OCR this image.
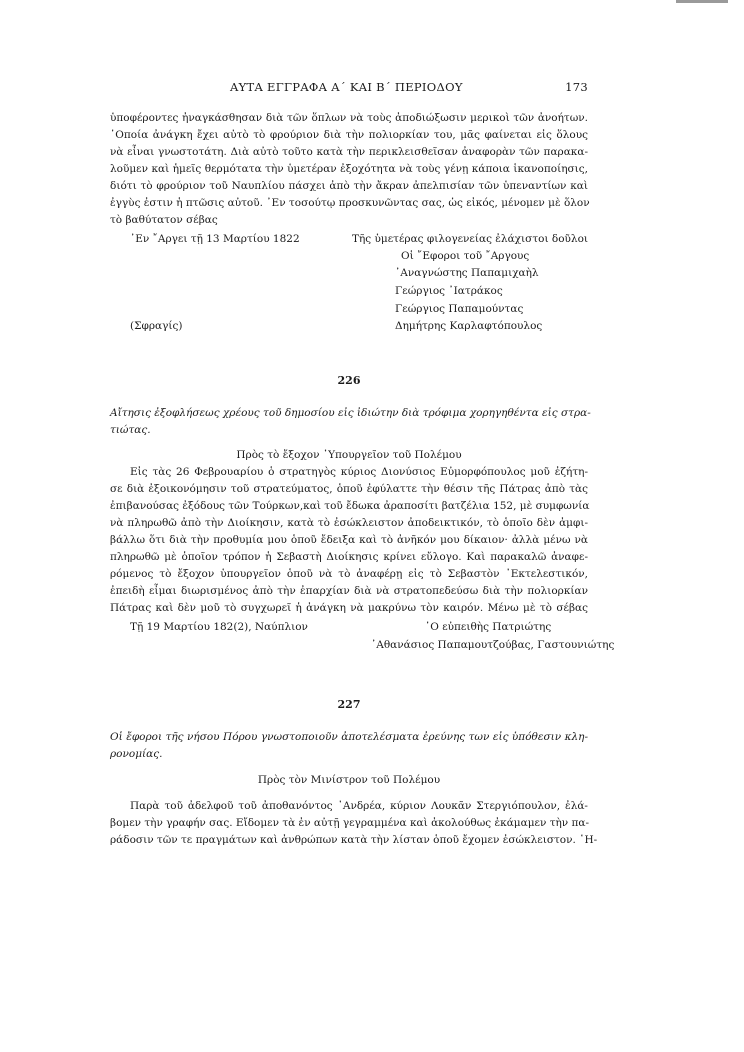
ΑΥΤΑ ΕΓΓΡΑΦΑ Α΄ ΚΑΙ Β΄ ΠΕΡΙΟΔΟΥ	173
ὑποφέροντες ἠναγκάσθησαν διὰ τῶν ὅπλων νὰ τοὺς ἀποδιώξωσιν μερικοὶ τῶν ἀνοήτων.
῾Οποία ἀνάγκη ἔχει αὐτὸ τὸ φρούριον διὰ τὴν πολιορκίαν του, μᾶς φαίνεται εἰς ὅλους
νὰ εἶναι γνωστοτάτη. Διὰ αὐτὸ τοῦτο κατὰ τὴν περικλεισθεῖσαν ἀναφορὰν τῶν παρακα-
λοῦμεν καὶ ἡμεῖς θερμότατα τὴν ὑμετέραν ἐξοχότητα νὰ τοὺς γένῃ κάποια ἱκανοποίησις,
διότι τὸ φρούριον τοῦ Ναυπλίου πάσχει ἀπὸ τὴν ἄκραν ἀπελπισίαν τῶν ὑπεναντίων καὶ
ἐγγὺς ἐστιν ἡ πτῶσις αὐτοῦ. ᾿Εν τοσούτῳ προσκυνῶντας σας, ὡς εἰκός, μένομεν μὲ ὅλον
τὸ βαθύτατον σέβας
᾿Εν ῎Αργει τῇ 13 Μαρτίου 1822	Τῆς ὑμετέρας φιλογενείας ἐλάχιστοι δοῦλοι
Οἱ ῎Εφοροι τοῦ ῎Αργους
᾿Αναγνώστης Παπαμιχαὴλ
Γεώργιος ᾿Ιατράκος
Γεώργιος Παπαμούντας
(Σφραγίς)	Δημήτρης Καρλαφτόπουλος
226
Αἴτησις ἐξοφλήσεως χρέους τοῦ δημοσίου εἰς ἰδιώτην διὰ τρόφιμα χορηγηθέντα εἰς στρα-
τιώτας.
Πρὸς τὸ ἔξοχον ῾Υπουργεῖον τοῦ Πολέμου
Εἰς τὰς 26 Φεβρουαρίου ὁ στρατηγὸς κύριος Διονύσιος Εὐμορφόπουλος μοῦ ἐζήτη-
σε διὰ ἐξοικονόμησιν τοῦ στρατεύματος, ὁποῦ ἐφύλαττε τὴν θέσιν τῆς Πάτρας ἀπὸ τὰς
ἐπιβανούσας ἐξόδους τῶν Τούρκων,καὶ τοῦ ἔδωκα ἀραποσίτι βατζέλια 152, μὲ συμφωνία
νὰ πληρωθῶ ἀπὸ τὴν Διοίκησιν, κατὰ τὸ ἐσώκλειστον ἀποδεικτικόν, τὸ ὁποῖο δὲν ἀμφι-
βάλλω ὅτι διὰ τὴν προθυμία μου ὁποῦ ἔδειξα καὶ τὸ ἀνῆκόν μου δίκαιον· ἀλλὰ μένω νὰ
πληρωθῶ μὲ ὁποῖον τρόπον ἡ Σεβαστὴ Διοίκησις κρίνει εὔλογο. Καὶ παρακαλῶ ἀναφε-
ρόμενος τὸ ἔξοχον ὑπουργεῖον ὁποῦ νὰ τὸ ἀναφέρῃ εἰς τὸ Σεβαστὸν ᾿Εκτελεστικόν,
ἐπειδὴ εἶμαι διωρισμένος ἀπὸ τὴν ἐπαρχίαν διὰ νὰ στρατοπεδεύσω διὰ τὴν πολιορκίαν
Πάτρας καὶ δὲν μοῦ τὸ συγχωρεῖ ἡ ἀνάγκη νὰ μακρύνω τὸν καιρόν. Μένω μὲ τὸ σέβας
Τῇ 19 Μαρτίου 182(2), Ναύπλιον	῾Ο εὐπειθὴς Πατριώτης
᾿Αθανάσιος Παπαμουτζούβας, Γαστουνιώτης
227
Οἱ ἔφοροι τῆς νήσου Πόρου γνωστοποιοῦν ἀποτελέσματα ἐρεύνης των εἰς ὑπόθεσιν κλη-
ρονομίας.
Πρὸς τὸν Μινίστρον τοῦ Πολέμου
Παρὰ τοῦ ἀδελφοῦ τοῦ ἀποθανόντος ᾿Ανδρέα, κύριον Λουκᾶν Στεργιόπουλον, ἐλά-
βομεν τὴν γραφήν σας. Εἴδομεν τὰ ἐν αὐτῇ γεγραμμένα καὶ ἀκολούθως ἐκάμαμεν τὴν πα-
ράδοσιν τῶν τε πραγμάτων καὶ ἀνθρώπων κατὰ τὴν λίσταν ὁποῦ ἔχομεν ἐσώκλειστον. ῾Η-
